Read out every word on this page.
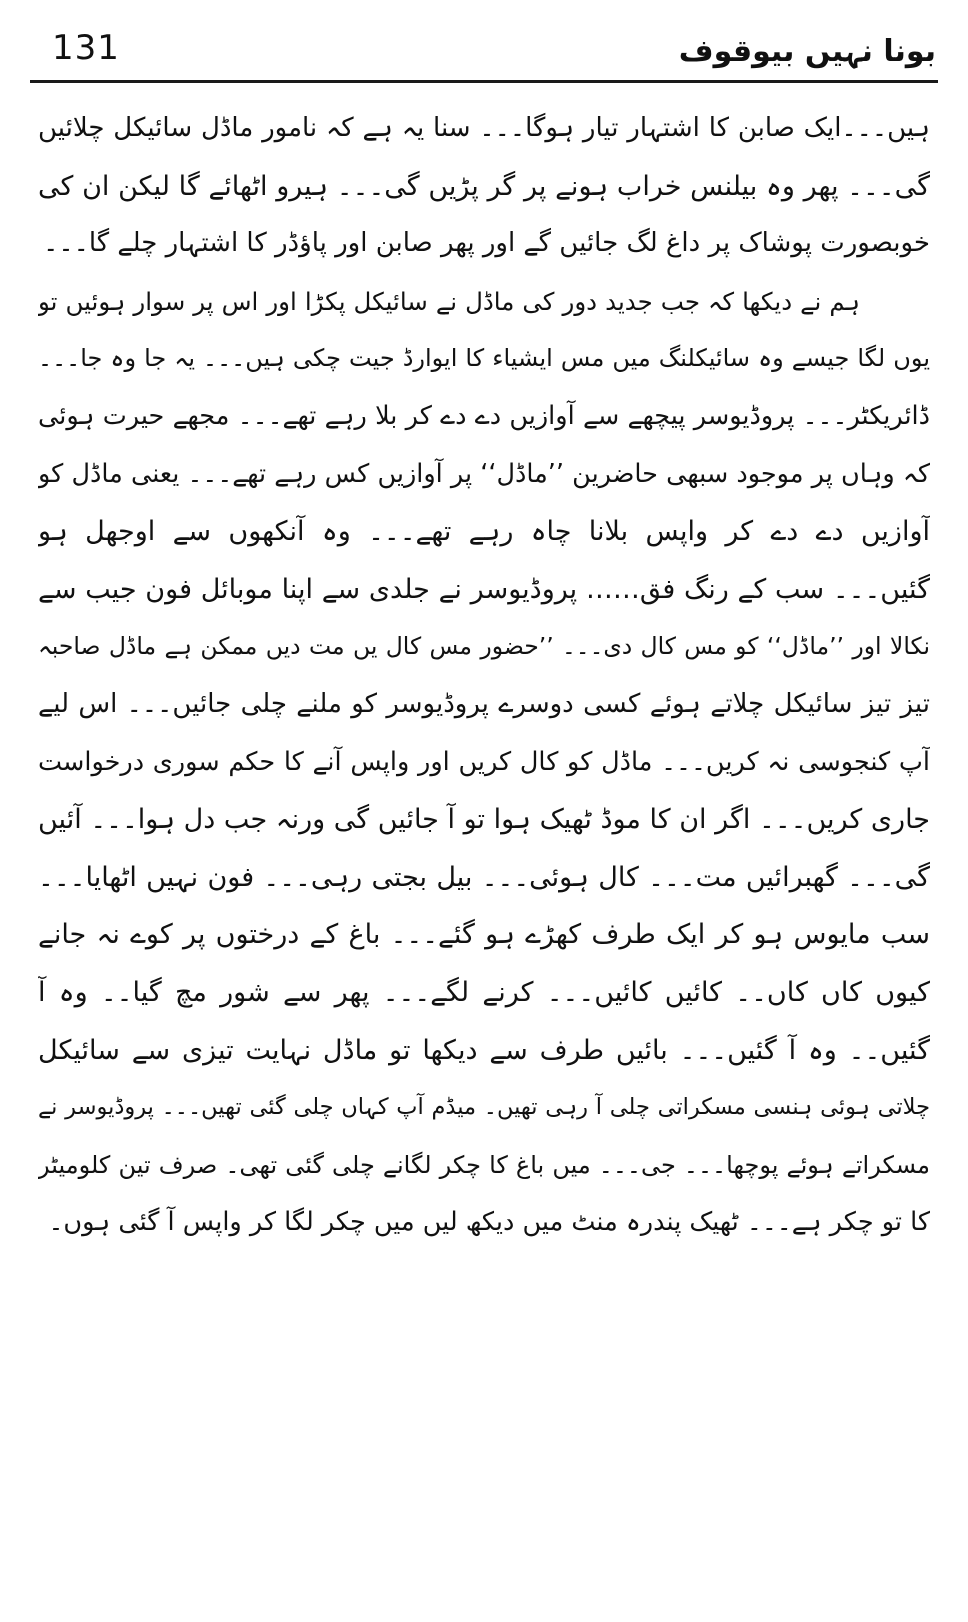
131	بونا نہیں بیوقوف
ہیں۔۔۔ایک صابن کا اشتہار تیار ہوگا۔۔۔ سنا یہ ہے کہ نامور ماڈل سائیکل چلائیں
گی۔۔۔ پھر وہ بیلنس خراب ہونے پر گر پڑیں گی۔۔۔ ہیرو اٹھائے گا لیکن ان کی
خوبصورت پوشاک پر داغ لگ جائیں گے اور پھر صابن اور پاؤڈر کا اشتہار چلے گا۔۔۔
ہم نے دیکھا کہ جب جدید دور کی ماڈل نے سائیکل پکڑا اور اس پر سوار ہوئیں تو
یوں لگا جیسے وہ سائیکلنگ میں مس ایشیاء کا ایوارڈ جیت چکی ہیں۔۔۔ یہ جا وہ جا۔۔۔
ڈائریکٹر۔۔۔ پروڈیوسر پیچھے سے آوازیں دے دے کر بلا رہے تھے۔۔۔ مجھے حیرت ہوئی
کہ وہاں پر موجود سبھی حاضرین ’’ماڈل‘‘ پر آوازیں کس رہے تھے۔۔۔ یعنی ماڈل کو
آوازیں دے دے کر واپس بلانا چاہ رہے تھے۔۔۔ وہ آنکھوں سے اوجھل ہو
گئیں۔۔۔ سب کے رنگ فق…… پروڈیوسر نے جلدی سے اپنا موبائل فون جیب سے
نکالا اور ’’ماڈل‘‘ کو مس کال دی۔۔۔ ’’حضور مس کال یں مت دیں ممکن ہے ماڈل صاحبہ
تیز تیز سائیکل چلاتے ہوئے کسی دوسرے پروڈیوسر کو ملنے چلی جائیں۔۔۔ اس لیے
آپ کنجوسی نہ کریں۔۔۔ ماڈل کو کال کریں اور واپس آنے کا حکم سوری درخواست
جاری کریں۔۔۔ اگر ان کا موڈ ٹھیک ہوا تو آ جائیں گی ورنہ جب دل ہوا۔۔۔ آئیں
گی۔۔۔ گھبرائیں مت۔۔۔ کال ہوئی۔۔۔ بیل بجتی رہی۔۔۔ فون نہیں اٹھایا۔۔۔
سب مایوس ہو کر ایک طرف کھڑے ہو گئے۔۔۔ باغ کے درختوں پر کوے نہ جانے
کیوں کاں کاں۔۔ کائیں کائیں۔۔۔ کرنے لگے۔۔۔ پھر سے شور مچ گیا۔۔ وہ آ
گئیں۔۔ وہ آ گئیں۔۔۔ بائیں طرف سے دیکھا تو ماڈل نہایت تیزی سے سائیکل
چلاتی ہوئی ہنسی مسکراتی چلی آ رہی تھیں۔ میڈم آپ کہاں چلی گئی تھیں۔۔۔ پروڈیوسر نے
مسکراتے ہوئے پوچھا۔۔۔ جی۔۔۔ میں باغ کا چکر لگانے چلی گئی تھی۔ صرف تین کلومیٹر
کا تو چکر ہے۔۔۔ ٹھیک پندرہ منٹ میں دیکھ لیں میں چکر لگا کر واپس آ گئی ہوں۔
